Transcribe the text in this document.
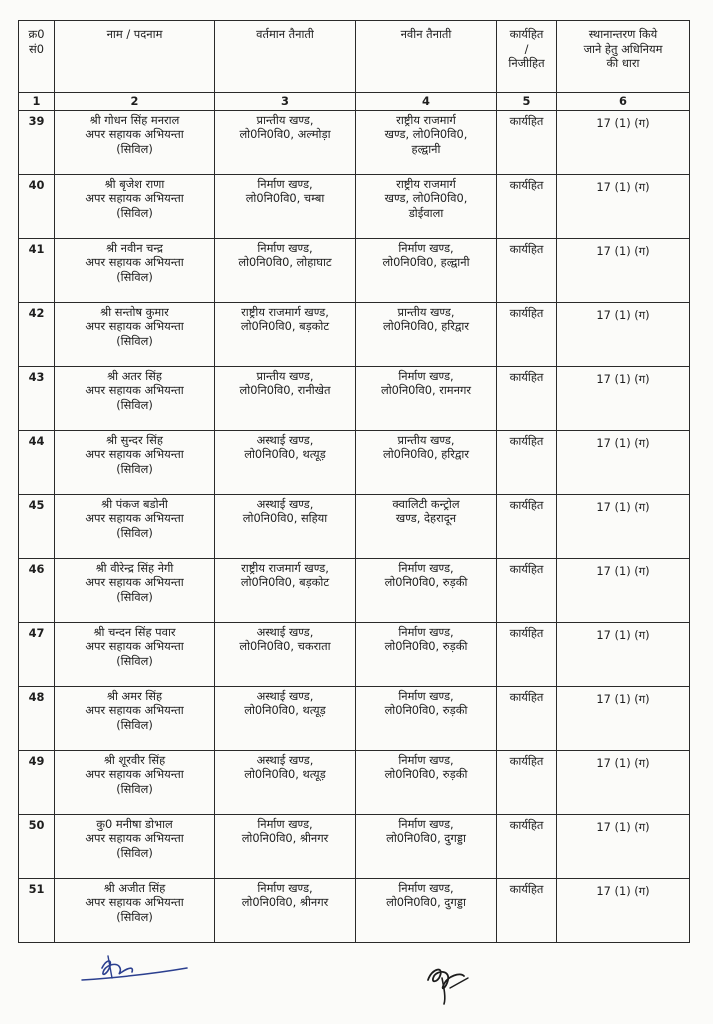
क्र0
सं0	नाम / पदनाम	वर्तमान तैनाती	नवीन तैनाती	कार्यहित
/
निजीहित	स्थानान्तरण किये
जाने हेतु अधिनियम
की धारा

1	2	3	4	5	6
39	श्री गोधन सिंह मनराल
अपर सहायक अभियन्ता
(सिविल)	प्रान्तीय खण्ड,
लो0नि0वि0, अल्मोड़ा	राष्ट्रीय राजमार्ग
खण्ड, लो0नि0वि0,
हल्द्वानी	कार्यहित	17 (1) (ग)
40	श्री बृजेश राणा
अपर सहायक अभियन्ता
(सिविल)	निर्माण खण्ड,
लो0नि0वि0, चम्बा	राष्ट्रीय राजमार्ग
खण्ड, लो0नि0वि0,
डोईवाला	कार्यहित	17 (1) (ग)
41	श्री नवीन चन्द्र
अपर सहायक अभियन्ता
(सिविल)	निर्माण खण्ड,
लो0नि0वि0, लोहाघाट	निर्माण खण्ड,
लो0नि0वि0, हल्द्वानी	कार्यहित	17 (1) (ग)
42	श्री सन्तोष कुमार
अपर सहायक अभियन्ता
(सिविल)	राष्ट्रीय राजमार्ग खण्ड,
लो0नि0वि0, बड़कोट	प्रान्तीय खण्ड,
लो0नि0वि0, हरिद्वार	कार्यहित	17 (1) (ग)
43	श्री अतर सिंह
अपर सहायक अभियन्ता
(सिविल)	प्रान्तीय खण्ड,
लो0नि0वि0, रानीखेत	निर्माण खण्ड,
लो0नि0वि0, रामनगर	कार्यहित	17 (1) (ग)
44	श्री सुन्दर सिंह
अपर सहायक अभियन्ता
(सिविल)	अस्थाई खण्ड,
लो0नि0वि0, थत्यूड़	प्रान्तीय खण्ड,
लो0नि0वि0, हरिद्वार	कार्यहित	17 (1) (ग)
45	श्री पंकज बडोनी
अपर सहायक अभियन्ता
(सिविल)	अस्थाई खण्ड,
लो0नि0वि0, सहिया	क्वालिटी कन्ट्रोल
खण्ड, देहरादून	कार्यहित	17 (1) (ग)
46	श्री वीरेन्द्र सिंह नेगी
अपर सहायक अभियन्ता
(सिविल)	राष्ट्रीय राजमार्ग खण्ड,
लो0नि0वि0, बड़कोट	निर्माण खण्ड,
लो0नि0वि0, रुड़की	कार्यहित	17 (1) (ग)
47	श्री चन्दन सिंह पवार
अपर सहायक अभियन्ता
(सिविल)	अस्थाई खण्ड,
लो0नि0वि0, चकराता	निर्माण खण्ड,
लो0नि0वि0, रुड़की	कार्यहित	17 (1) (ग)
48	श्री अमर सिंह
अपर सहायक अभियन्ता
(सिविल)	अस्थाई खण्ड,
लो0नि0वि0, थत्यूड़	निर्माण खण्ड,
लो0नि0वि0, रुड़की	कार्यहित	17 (1) (ग)
49	श्री शूरवीर सिंह
अपर सहायक अभियन्ता
(सिविल)	अस्थाई खण्ड,
लो0नि0वि0, थत्यूड़	निर्माण खण्ड,
लो0नि0वि0, रुड़की	कार्यहित	17 (1) (ग)
50	कु0 मनीषा डोभाल
अपर सहायक अभियन्ता
(सिविल)	निर्माण खण्ड,
लो0नि0वि0, श्रीनगर	निर्माण खण्ड,
लो0नि0वि0, दुगड्डा	कार्यहित	17 (1) (ग)
51	श्री अजीत सिंह
अपर सहायक अभियन्ता
(सिविल)	निर्माण खण्ड,
लो0नि0वि0, श्रीनगर	निर्माण खण्ड,
लो0नि0वि0, दुगड्डा	कार्यहित	17 (1) (ग)
